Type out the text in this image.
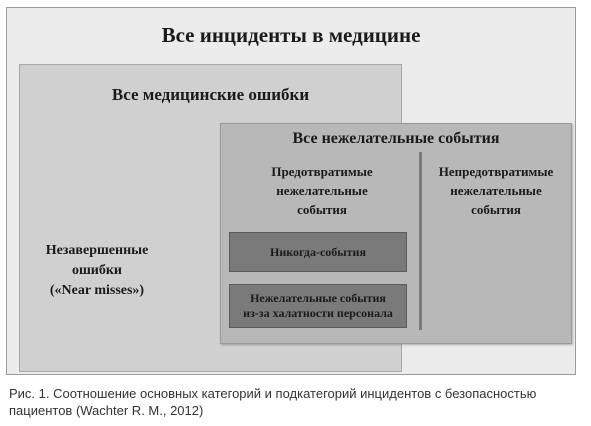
Все инциденты в медицине
Все медицинские ошибки
Незавершенные
ошибки
(«Near misses»)
Все нежелательные события
Предотвратимые
нежелательные
события
Непредотвратимые
нежелательные
события
Никогда-события
Нежелательные события
из-за халатности персонала
Рис. 1. Соотношение основных категорий и подкатегорий инцидентов с безопасностью
пациентов (Wachter R. M., 2012)
